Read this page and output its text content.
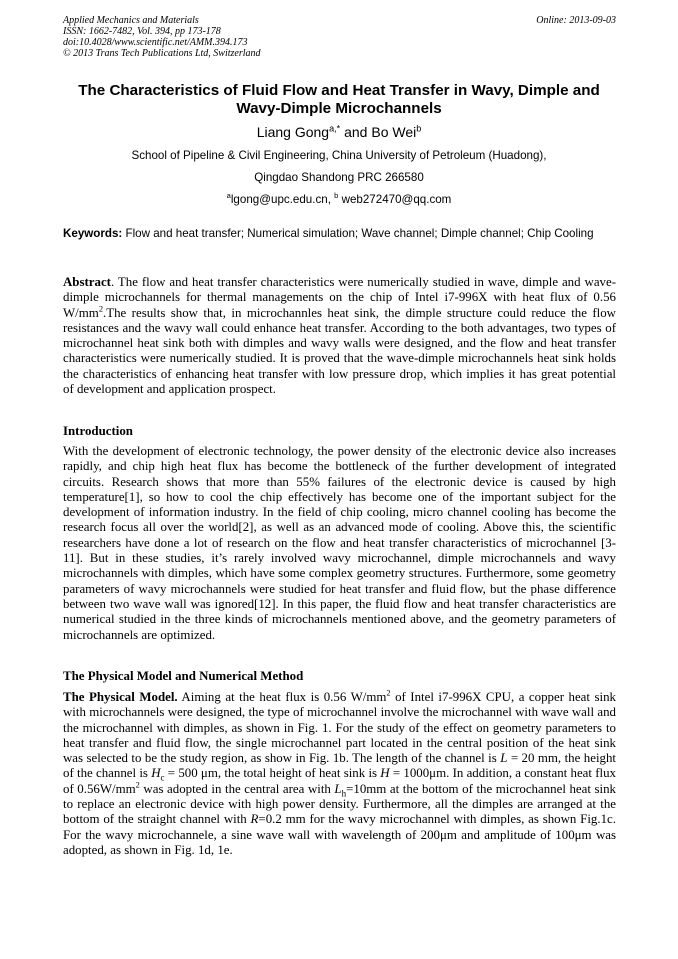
Applied Mechanics and Materials
ISSN: 1662-7482, Vol. 394, pp 173-178
doi:10.4028/www.scientific.net/AMM.394.173
© 2013 Trans Tech Publications Ltd, Switzerland
Online: 2013-09-03
The Characteristics of Fluid Flow and Heat Transfer in Wavy, Dimple and
Wavy-Dimple Microchannels
Liang Gong$^{a,*}$ and Bo Wei$^b$
School of Pipeline & Civil Engineering, China University of Petroleum (Huadong),
Qingdao Shandong PRC 266580
$^a$lgong@upc.edu.cn, $^b$ web272470@qq.com
Keywords: Flow and heat transfer; Numerical simulation; Wave channel; Dimple channel; Chip Cooling
Abstract. The flow and heat transfer characteristics were numerically studied in wave, dimple and wave-dimple microchannels for thermal managements on the chip of Intel i7-996X with heat flux of 0.56 $W/mm^2.The$ results show that, in microchannles heat sink, the dimple structure could reduce the flow resistances and the wavy wall could enhance heat transfer. According to the both advantages, two types of microchannel heat sink both with dimples and wavy walls were designed, and the flow and heat transfer characteristics were numerically studied. It is proved that the wave-dimple microchannels heat sink holds the characteristics of enhancing heat transfer with low pressure drop, which implies it has great potential of development and application prospect.
Introduction
With the development of electronic technology, the power density of the electronic device also increases rapidly, and chip high heat flux has become the bottleneck of the further development of integrated circuits. Research shows that more than 55% failures of the electronic device is caused by high temperature[1], so how to cool the chip effectively has become one of the important subject for the development of information industry. In the field of chip cooling, micro channel cooling has become the research focus all over the world[2], as well as an advanced mode of cooling. Above this, the scientific researchers have done a lot of research on the flow and heat transfer characteristics of microchannel [3-11]. But in these studies, it’s rarely involved wavy microchannel, dimple microchannels and wavy microchannels with dimples, which have some complex geometry structures. Furthermore, some geometry parameters of wavy microchannels were studied for heat transfer and fluid flow, but the phase difference between two wave wall was ignored[12]. In this paper, the fluid flow and heat transfer characteristics are numerical studied in the three kinds of microchannels mentioned above, and the geometry parameters of microchannels are optimized.
The Physical Model and Numerical Method
The Physical Model. Aiming at the heat flux is 0.56 $W/mm^2$ of Intel i7-996X CPU, a copper heat sink with microchannels were designed, the type of microchannel involve the microchannel with wave wall and the microchannel with dimples, as shown in Fig. 1. For the study of the effect on geometry parameters to heat transfer and fluid flow, the single microchannel part located in the central position of the heat sink was selected to be the study region, as show in Fig. 1b. The length of the channel is L = 20 mm, the height of the channel is $H_c = 500$ μm, the total height of heat sink is H = 1000μm. In addition, a constant heat flux of $0.56W/mm^2$ was adopted in the central area with $L_h=10mm$ at the bottom of the microchannel heat sink to replace an electronic device with high power density. Furthermore, all the dimples are arranged at the bottom of the straight channel with R=0.2 mm for the wavy microchannel with dimples, as shown Fig.1c. For the wavy microchannele, a sine wave wall with wavelength of 200μm and amplitude of 100μm was adopted, as shown in Fig. 1d, 1e.
